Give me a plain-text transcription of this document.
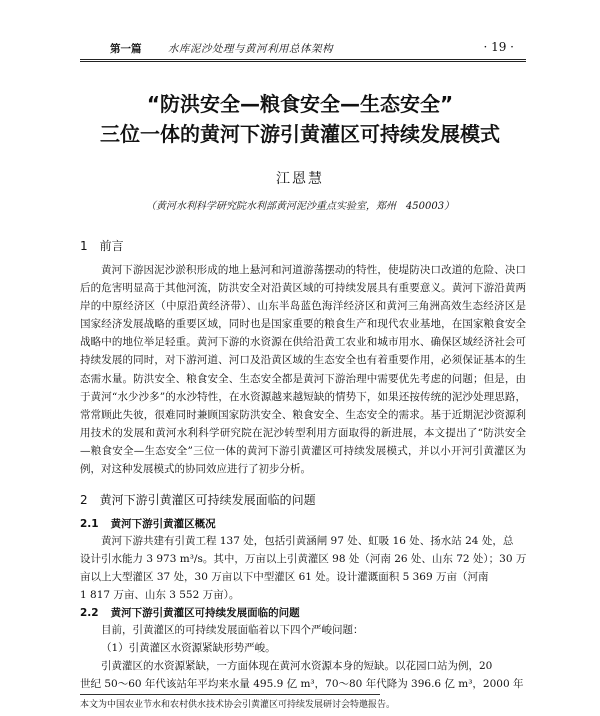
第一篇	水库泥沙处理与黄河利用总体架构	· 19 ·
“防洪安全—粮食安全—生态安全”
三位一体的黄河下游引黄灌区可持续发展模式
江恩慧
（黄河水利科学研究院水利部黄河泥沙重点实验室，郑州　450003）
1 前言

黄河下游因泥沙淤积形成的地上悬河和河道游荡摆动的特性，使堤防决口改道的危险、决口后的危害明显高于其他河流，防洪安全对沿黄区域的可持续发展具有重要意义。黄河下游沿黄两岸的中原经济区（中原沿黄经济带）、山东半岛蓝色海洋经济区和黄河三角洲高效生态经济区是国家经济发展战略的重要区域，同时也是国家重要的粮食生产和现代农业基地，在国家粮食安全战略中的地位举足轻重。黄河下游的水资源在供给沿黄工农业和城市用水、确保区域经济社会可持续发展的同时，对下游河道、河口及沿黄区域的生态安全也有着重要作用，必须保证基本的生态需水量。防洪安全、粮食安全、生态安全都是黄河下游治理中需要优先考虑的问题；但是，由于黄河“水少沙多”的水沙特性，在水资源越来越短缺的情势下，如果还按传统的泥沙处理思路，常常顾此失彼，很难同时兼顾国家防洪安全、粮食安全、生态安全的需求。基于近期泥沙资源利用技术的发展和黄河水利科学研究院在泥沙转型利用方面取得的新进展，本文提出了“防洪安全—粮食安全—生态安全”三位一体的黄河下游引黄灌区可持续发展模式，并以小开河引黄灌区为例，对这种发展模式的协同效应进行了初步分析。

2 黄河下游引黄灌区可持续发展面临的问题
2.1 黄河下游引黄灌区概况
黄河下游共建有引黄工程 137 处，包括引黄涵闸 97 处、虹吸 16 处、扬水站 24 处，总
设计引水能力 3 973 m³/s。其中，万亩以上引黄灌区 98 处（河南 26 处、山东 72 处）；30 万
亩以上大型灌区 37 处，30 万亩以下中型灌区 61 处。设计灌溉面积 5 369 万亩（河南
1 817 万亩、山东 3 552 万亩）。
2.2 黄河下游引黄灌区可持续发展面临的问题
目前，引黄灌区的可持续发展面临着以下四个严峻问题：
（1）引黄灌区水资源紧缺形势严峻。
引黄灌区的水资源紧缺，一方面体现在黄河水资源本身的短缺。以花园口站为例，20
世纪 50～60 年代该站年平均来水量 495.9 亿 m³，70～80 年代降为 396.6 亿 m³，2000 年
本文为中国农业节水和农村供水技术协会引黄灌区可持续发展研讨会特邀报告。
